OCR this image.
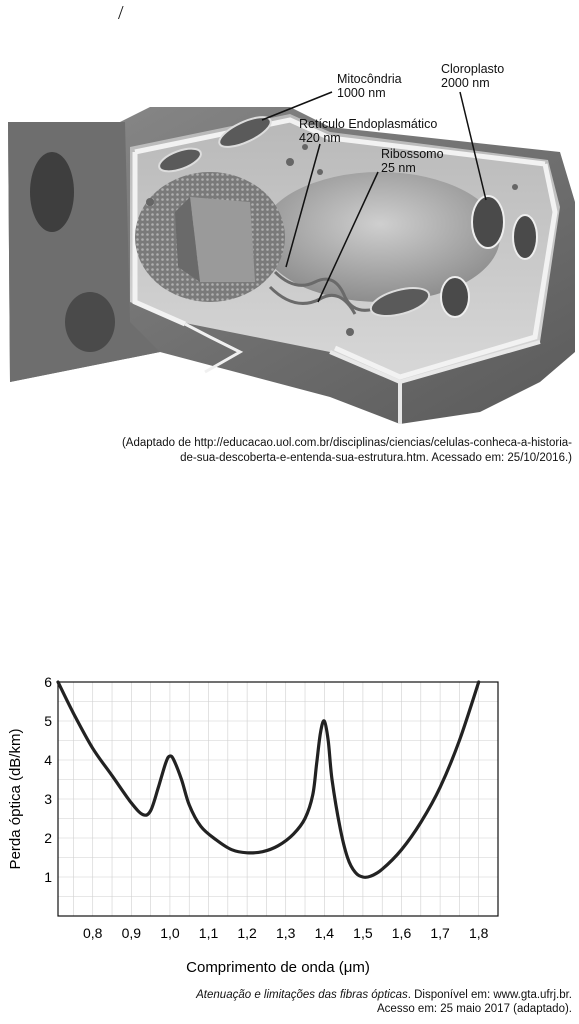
/
Mitocôndria
1000 nm
Retículo Endoplasmático
420 nm
Ribossomo
25 nm
Cloroplasto
2000 nm
(Adaptado de http://educacao.uol.com.br/disciplinas/ciencias/celulas-conheca-a-historia-
de-sua-descoberta-e-entenda-sua-estrutura.htm. Acessado em: 25/10/2016.)
1
2
3
4
5
6
0,8 0,9 1,0 1,1 1,2 1,3 1,4 1,5 1,6 1,7 1,8
Comprimento de onda (μm)
Perda óptica (dB/km)
Atenuação e limitações das fibras ópticas. Disponível em: www.gta.ufrj.br.
Acesso em: 25 maio 2017 (adaptado).
